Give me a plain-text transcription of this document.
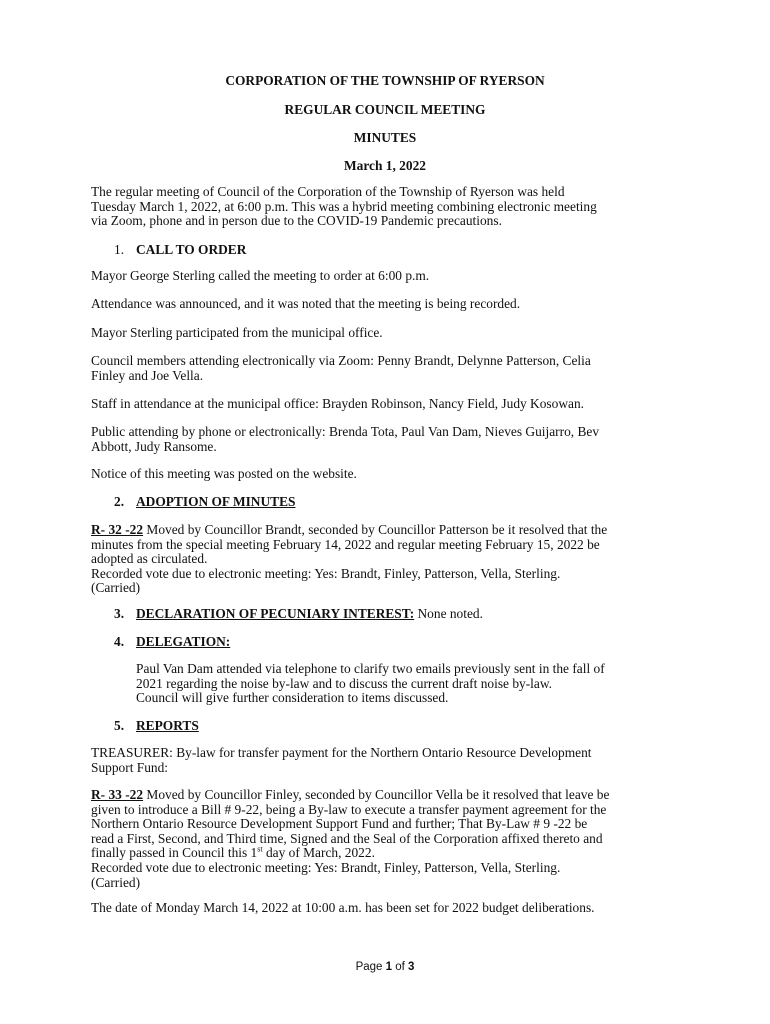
CORPORATION OF THE TOWNSHIP OF RYERSON
REGULAR COUNCIL MEETING
MINUTES
March 1, 2022
The regular meeting of Council of the Corporation of the Township of Ryerson was held
Tuesday March 1, 2022, at 6:00 p.m. This was a hybrid meeting combining electronic meeting
via Zoom, phone and in person due to the COVID-19 Pandemic precautions.
1. CALL TO ORDER
Mayor George Sterling called the meeting to order at 6:00 p.m.
Attendance was announced, and it was noted that the meeting is being recorded.
Mayor Sterling participated from the municipal office.
Council members attending electronically via Zoom: Penny Brandt, Delynne Patterson, Celia
Finley and Joe Vella.
Staff in attendance at the municipal office: Brayden Robinson, Nancy Field, Judy Kosowan.
Public attending by phone or electronically: Brenda Tota, Paul Van Dam, Nieves Guijarro, Bev
Abbott, Judy Ransome.
Notice of this meeting was posted on the website.
2. ADOPTION OF MINUTES
R- 32 -22 Moved by Councillor Brandt, seconded by Councillor Patterson be it resolved that the
minutes from the special meeting February 14, 2022 and regular meeting February 15, 2022 be
adopted as circulated.
Recorded vote due to electronic meeting: Yes: Brandt, Finley, Patterson, Vella, Sterling.
(Carried)
3. DECLARATION OF PECUNIARY INTEREST: None noted.
4. DELEGATION:
Paul Van Dam attended via telephone to clarify two emails previously sent in the fall of
2021 regarding the noise by-law and to discuss the current draft noise by-law.
Council will give further consideration to items discussed.
5. REPORTS
TREASURER: By-law for transfer payment for the Northern Ontario Resource Development
Support Fund:
R- 33 -22 Moved by Councillor Finley, seconded by Councillor Vella be it resolved that leave be
given to introduce a Bill # 9-22, being a By-law to execute a transfer payment agreement for the
Northern Ontario Resource Development Support Fund and further; That By-Law # 9 -22 be
read a First, Second, and Third time, Signed and the Seal of the Corporation affixed thereto and
finally passed in Council this 1st day of March, 2022.
Recorded vote due to electronic meeting: Yes: Brandt, Finley, Patterson, Vella, Sterling.
(Carried)
The date of Monday March 14, 2022 at 10:00 a.m. has been set for 2022 budget deliberations.
Page 1 of 3
